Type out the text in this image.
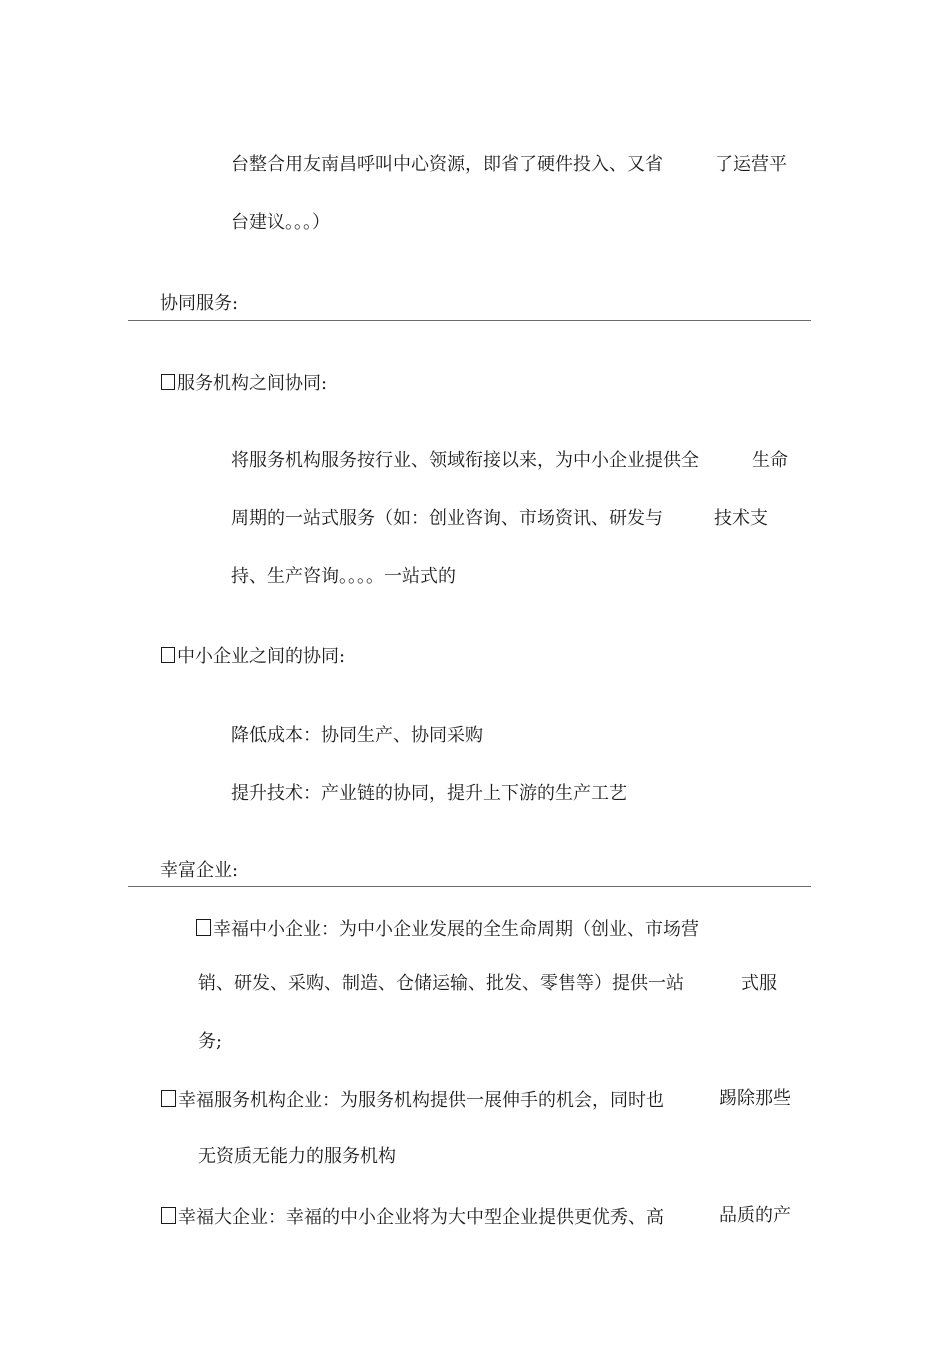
台整合用友南昌呼叫中心资源，即省了硬件投入、又省	了运营平
台建议。。。）
协同服务:
服务机构之间协同:
将服务机构服务按行业、领域衔接以来，为中小企业提供全	生命
周期的一站式服务（如：创业咨询、市场资讯、研发与	技术支
持、生产咨询。。。。一站式的
中小企业之间的协同:
降低成本：协同生产、协同采购
提升技术：产业链的协同，提升上下游的生产工艺
幸富企业:
幸福中小企业：为中小企业发展的全生命周期（创业、市场营
销、研发、采购、制造、仓储运输、批发、零售等）提供一站	式服
务;
幸福服务机构企业：为服务机构提供一展伸手的机会，同时也	踢除那些
无资质无能力的服务机构
幸福大企业：幸福的中小企业将为大中型企业提供更优秀、高	品质的产
